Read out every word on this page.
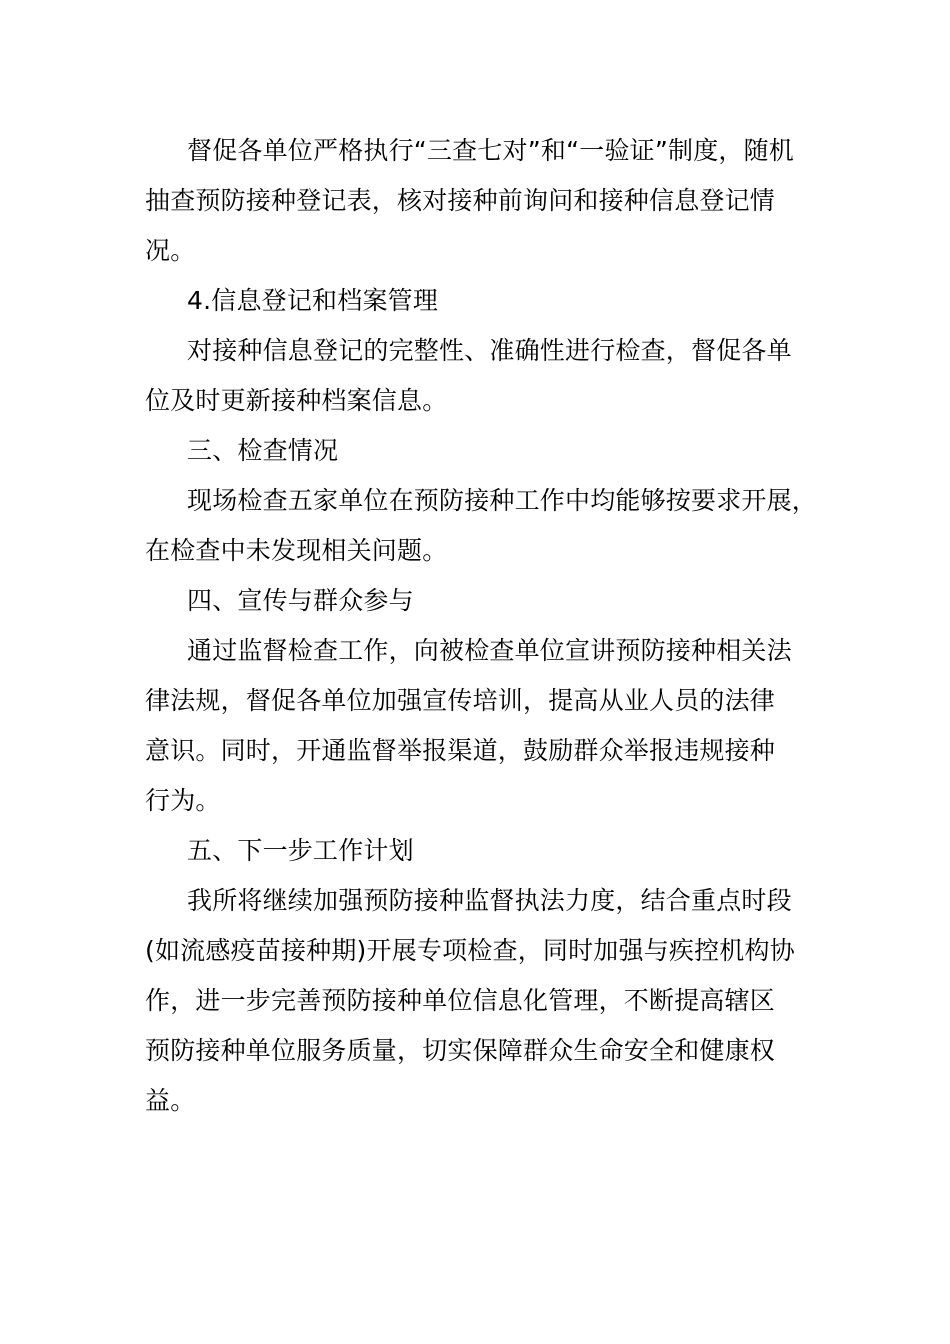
督促各单位严格执行“三查七对”和“一验证”制度，随机
抽查预防接种登记表，核对接种前询问和接种信息登记情
况。
4.信息登记和档案管理
对接种信息登记的完整性、准确性进行检查，督促各单
位及时更新接种档案信息。
三、检查情况
现场检查五家单位在预防接种工作中均能够按要求开展，
在检查中未发现相关问题。
四、宣传与群众参与
通过监督检查工作，向被检查单位宣讲预防接种相关法
律法规，督促各单位加强宣传培训，提高从业人员的法律
意识。同时，开通监督举报渠道，鼓励群众举报违规接种
行为。
五、下一步工作计划
我所将继续加强预防接种监督执法力度，结合重点时段
(如流感疫苗接种期)开展专项检查，同时加强与疾控机构协
作，进一步完善预防接种单位信息化管理，不断提高辖区
预防接种单位服务质量，切实保障群众生命安全和健康权
益。
